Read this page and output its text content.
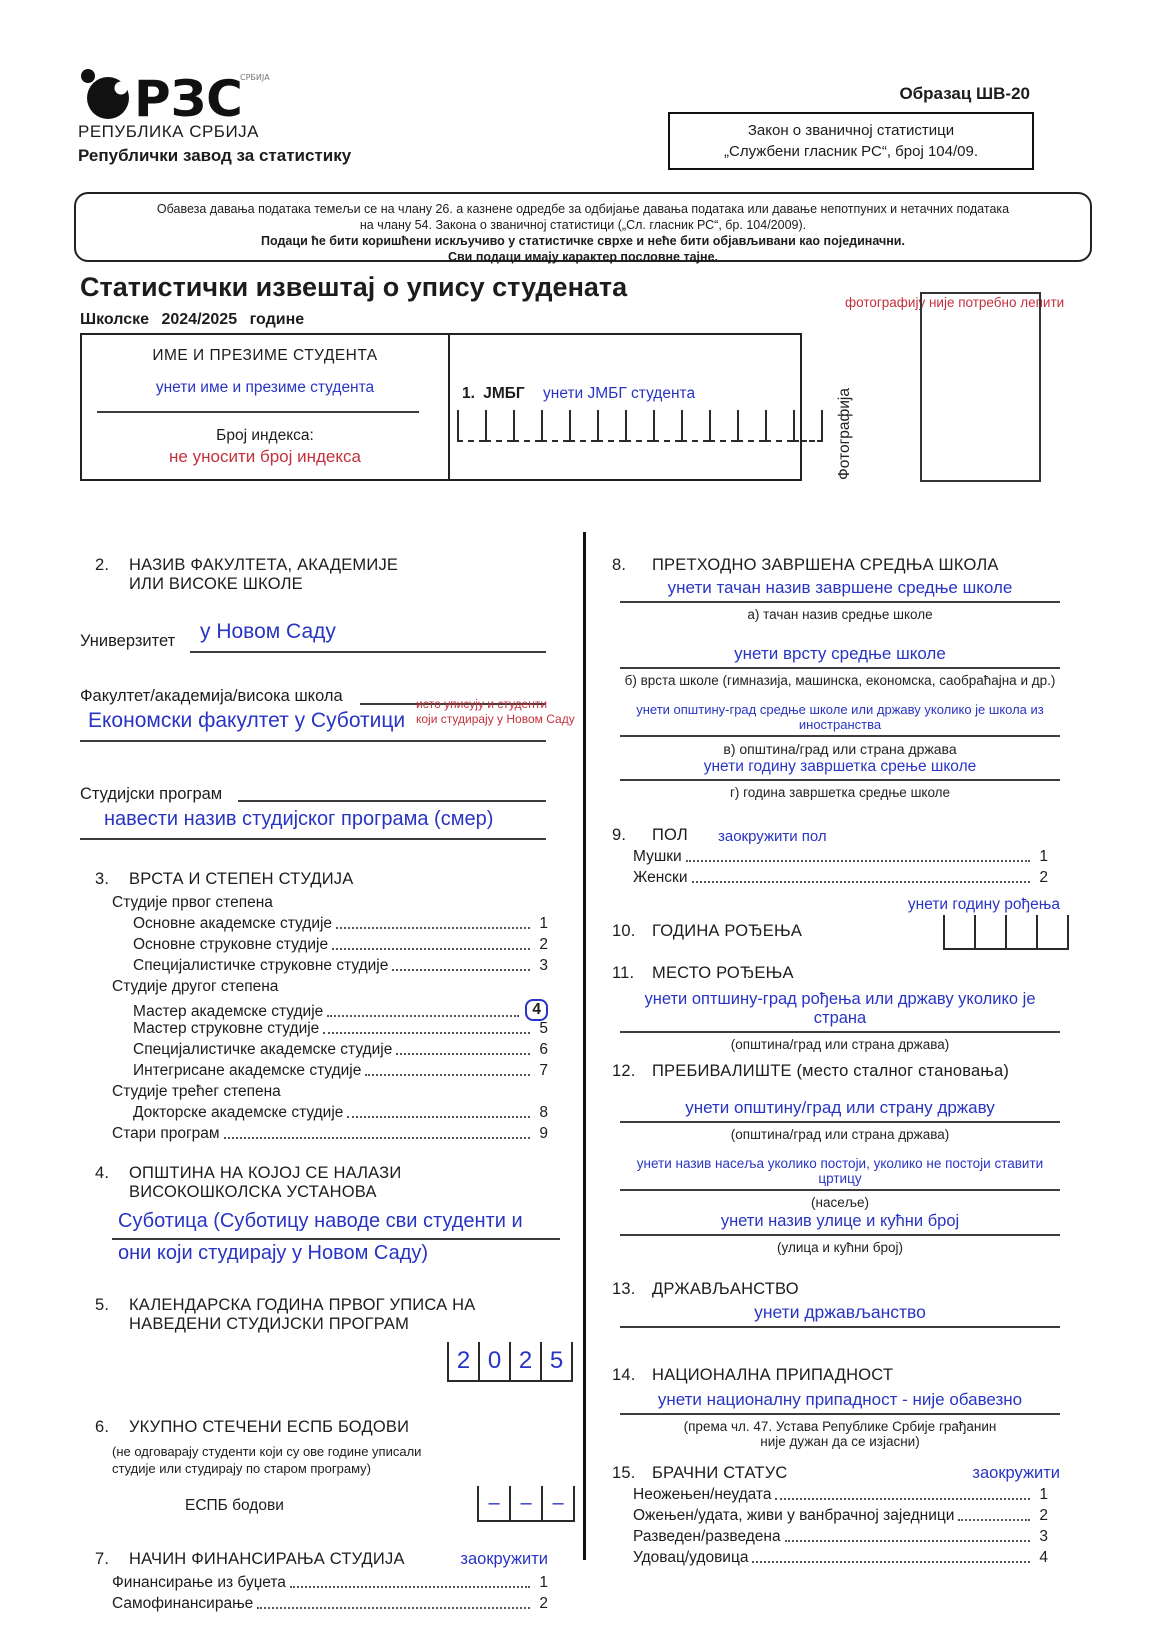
РЗС
СРБИЈА
РЕПУБЛИКА СРБИЈА
Републички завод за статистику
Образац ШВ-20
Закон о званичној статистици
„Службени гласник РС“, број 104/09.
Обавеза давања података темељи се на члану 26. а казнене одредбе за одбијање давања података или давање непотпуних и нетачних података
на члану 54. Закона о званичној статистици („Сл. гласник РС“, бр. 104/2009).
Подаци ће бити коришћени искључиво у статистичке сврхе и неће бити објављивани као појединачни.
Сви подаци имају карактер пословне тајне.
Статистички извештај о упису студената
Школске 2024/2025 године
фотографију није потребно лепити
Фотографија
ИМЕ И ПРЕЗИМЕ СТУДЕНТА
унети име и презиме студента
Број индекса:
не уносити број индекса
1. ЈМБГ унети ЈМБГ студента
2.	НАЗИВ ФАКУЛТЕТА, АКАДЕМИЈЕ
ИЛИ ВИСОКЕ ШКОЛЕ
Универзитет у Новом Саду
Факултет/академија/висока школа
Економски факултет у Суботици
исто уписују и студенти
који студирају у Новом Саду
Студијски програм
навести назив студијског програма (смер)
3.	ВРСТА И СТЕПЕН СТУДИЈА
Студије првог степена
Основне академске студије	1
Основне струковне студије	2
Специјалистичке струковне студије	3
Студије другог степена
Мастер академске студије	4
Мастер струковне студије	5
Специјалистичке академске студије	6
Интегрисане академске студије	7
Студије трећег степена
Докторске академске студије	8
Стари програм	9
4.	ОПШТИНА НА КОЈОЈ СЕ НАЛАЗИ
ВИСОКОШКОЛСКА УСТАНОВА
Суботица (Суботицу наводе сви студенти и
они који студирају у Новом Саду)
5.	КАЛЕНДАРСКА ГОДИНА ПРВОГ УПИСА НА
НАВЕДЕНИ СТУДИЈСКИ ПРОГРАМ
2 0 2 5
6.	УКУПНО СТЕЧЕНИ ЕСПБ БОДОВИ
(не одговарају студенти који су ове године уписали
студије или студирају по старом програму)
ЕСПБ бодови	–	–	–
7.	НАЧИН ФИНАНСИРАЊА СТУДИЈА	заокружити
Финансирање из буџета	1
Самофинансирање	2
8.	ПРЕТХОДНО ЗАВРШЕНА СРЕДЊА ШКОЛА
унети тачан назив завршене средње школе
а) тачан назив средње школе
унети врсту средње школе
б) врста школе (гимназија, машинска, економска, саобраћајна и др.)
унети општину-град средње школе или државу уколико је школа из иностранства
в) општина/град или страна држава
унети годину завршетка срење школе
г) година завршетка средње школе
9.	ПОЛ заокружити пол
Мушки	1
Женски	2
унети годину рођења
10. ГОДИНА РОЂЕЊА
11.	МЕСТО РОЂЕЊА
унети оптшину-град рођења или државу уколико је страна
(општина/град или страна држава)
12. ПРЕБИВАЛИШТЕ (место сталног становања)
унети општину/град или страну државу
(општина/град или страна држава)
унети назив насеља уколико постоји, уколико не постоји ставити цртицу
(насеље)
унети назив улице и кућни број
(улица и кућни број)
13. ДРЖАВЉАНСТВО
унети држављанство
14. НАЦИОНАЛНА ПРИПАДНОСТ
унети националну припадност - није обавезно
(према чл. 47. Устава Републике Србије грађанин
није дужан да се изјасни)
15. БРАЧНИ СТАТУС	заокружити
Неожењен/неудата	1
Ожењен/удата, живи у ванбрачној заједници	2
Разведен/разведена	3
Удовац/удовица	4
